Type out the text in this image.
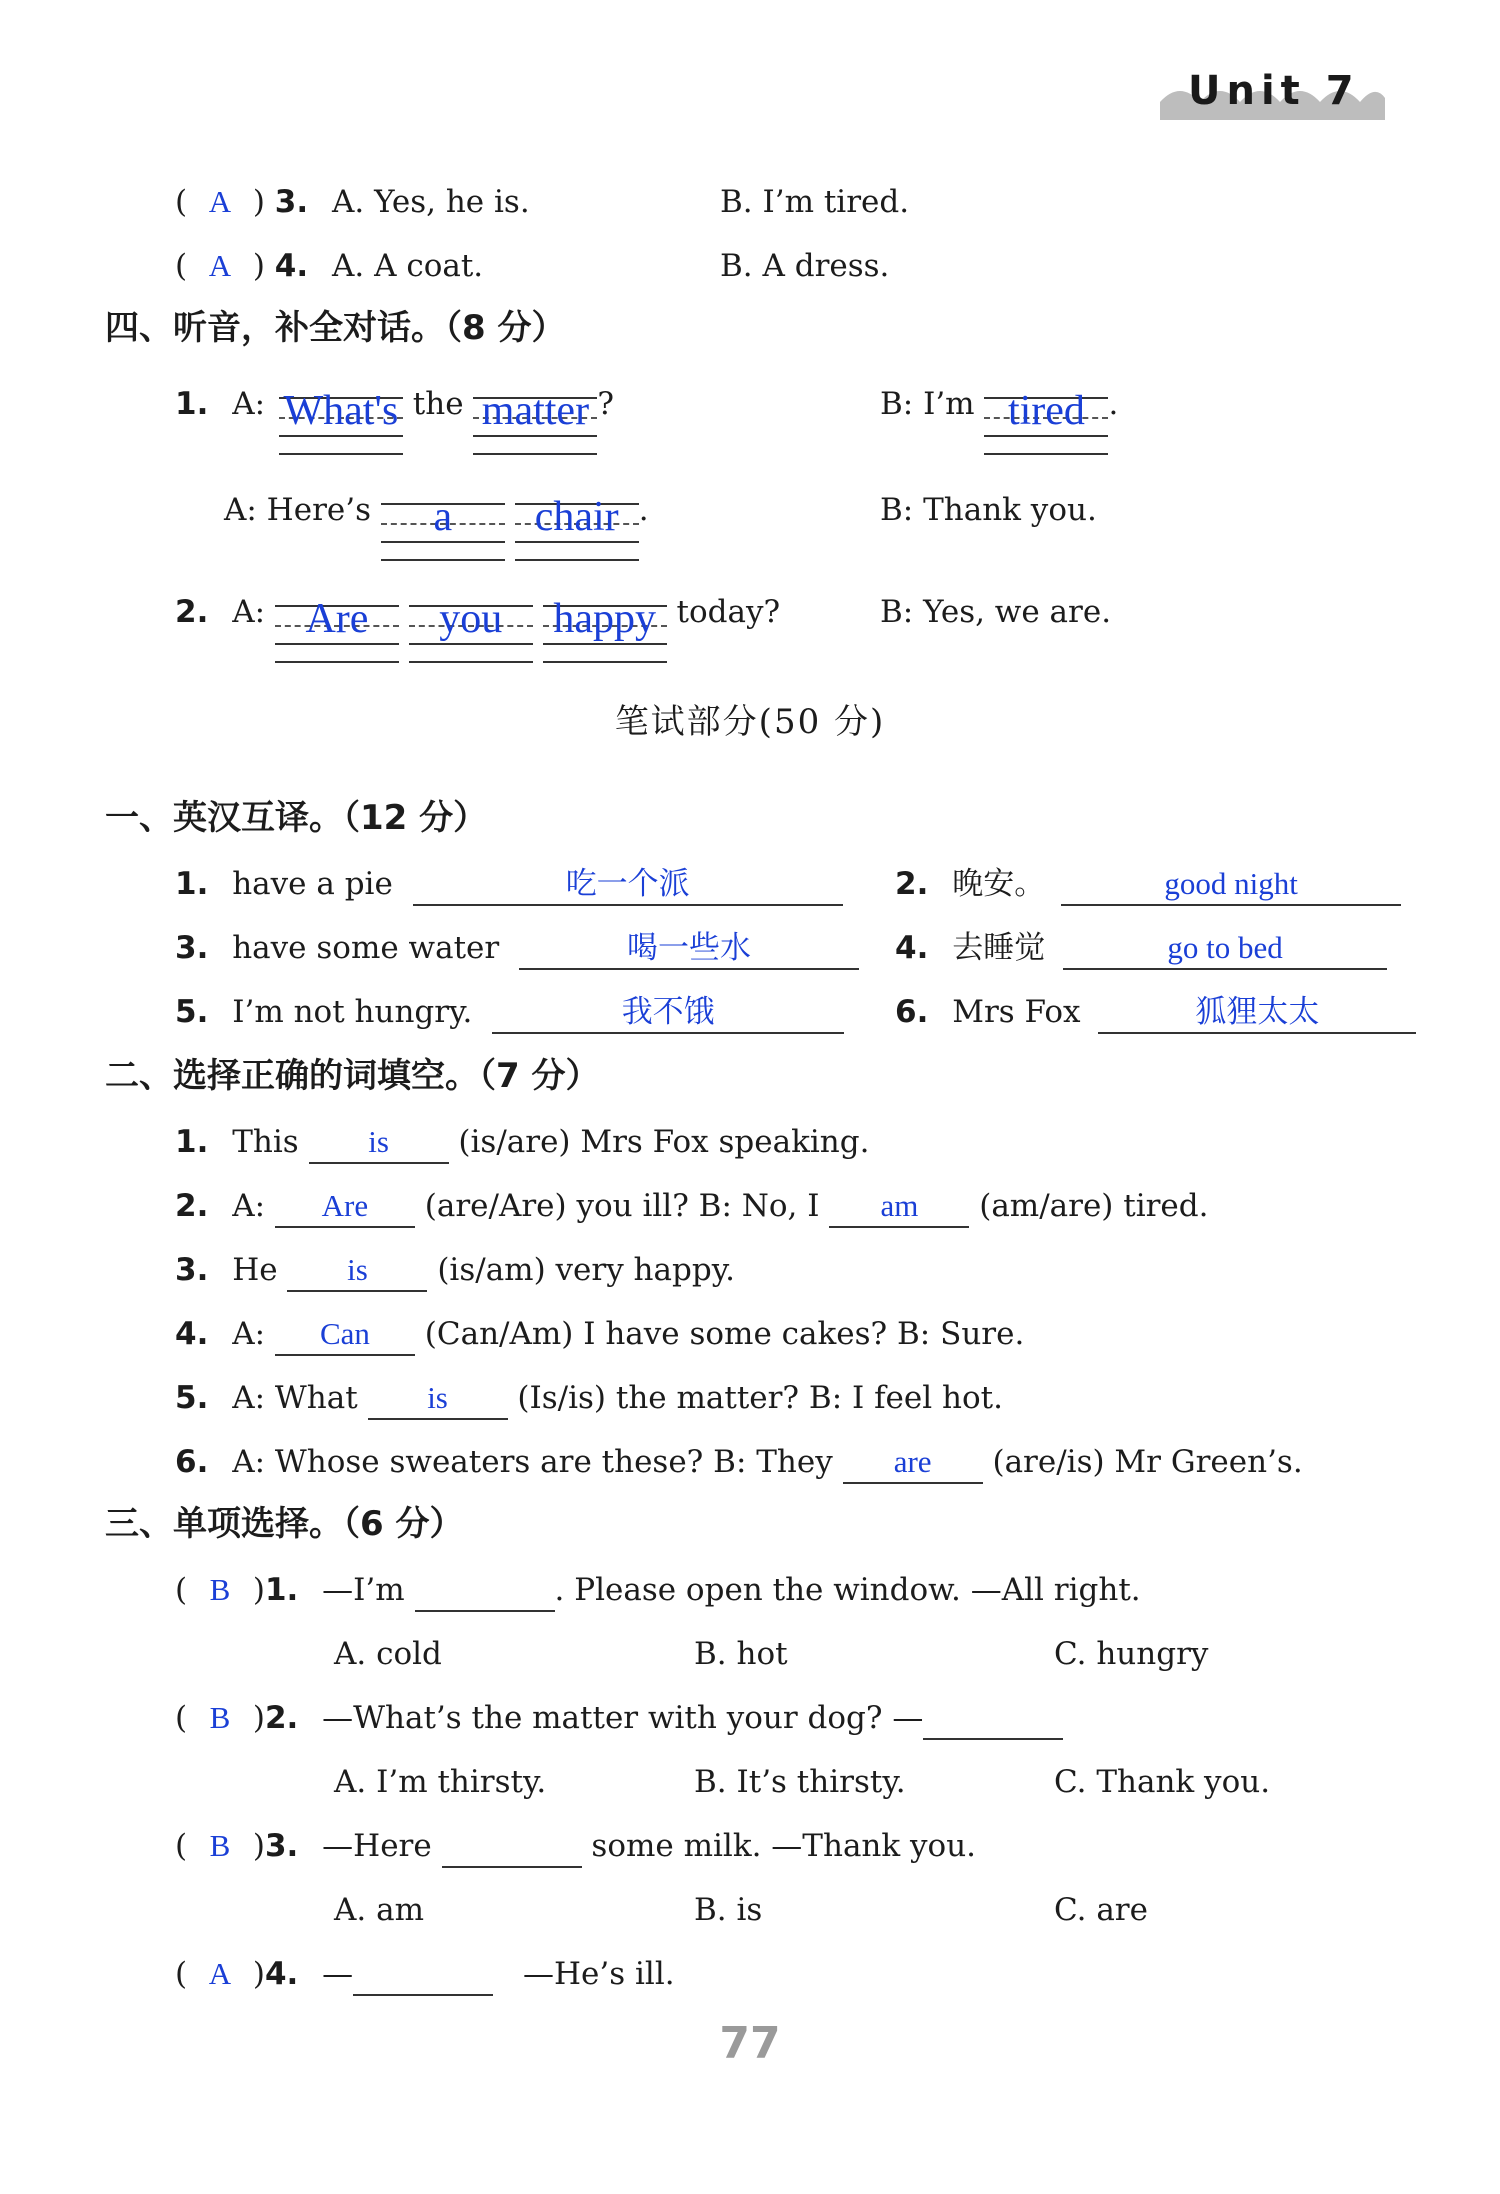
Unit 7
( A ) 3. A. Yes, he is.	B. I’m tired.
( A ) 4. A. A coat.	B. A dress.
四、听音，补全对话。（8 分）
1. A: What's the matter ?	B: I’m tired .
A: Here’s a chair .	B: Thank you.
2. A: Are you happy today?	B: Yes, we are.
笔试部分(50 分)
一、英汉互译。（12 分）
1. have a pie	吃一个派	2. 晚安。	good night
3. have some water	喝一些水	4. 去睡觉	go to bed
5. I’m not hungry.	我不饿	6. Mrs Fox	狐狸太太
二、选择正确的词填空。（7 分）
1. This is (is/are) Mrs Fox speaking.
2. A: Are (are/Are) you ill? B: No, I am (am/are) tired.
3. He is (is/am) very happy.
4. A: Can (Can/Am) I have some cakes? B: Sure.
5. A: What is (Is/is) the matter? B: I feel hot.
6. A: Whose sweaters are these? B: They are (are/is) Mr Green’s.
三、单项选择。（6 分）
( B )1. —I’m	. Please open the window. —All right.
A. cold	B. hot	C. hungry
( B )2. —What’s the matter with your dog? —
A. I’m thirsty.	B. It’s thirsty.	C. Thank you.
( B )3. —Here	some milk. —Thank you.
A. am	B. is	C. are
( A )4. —	—He’s ill.
77
